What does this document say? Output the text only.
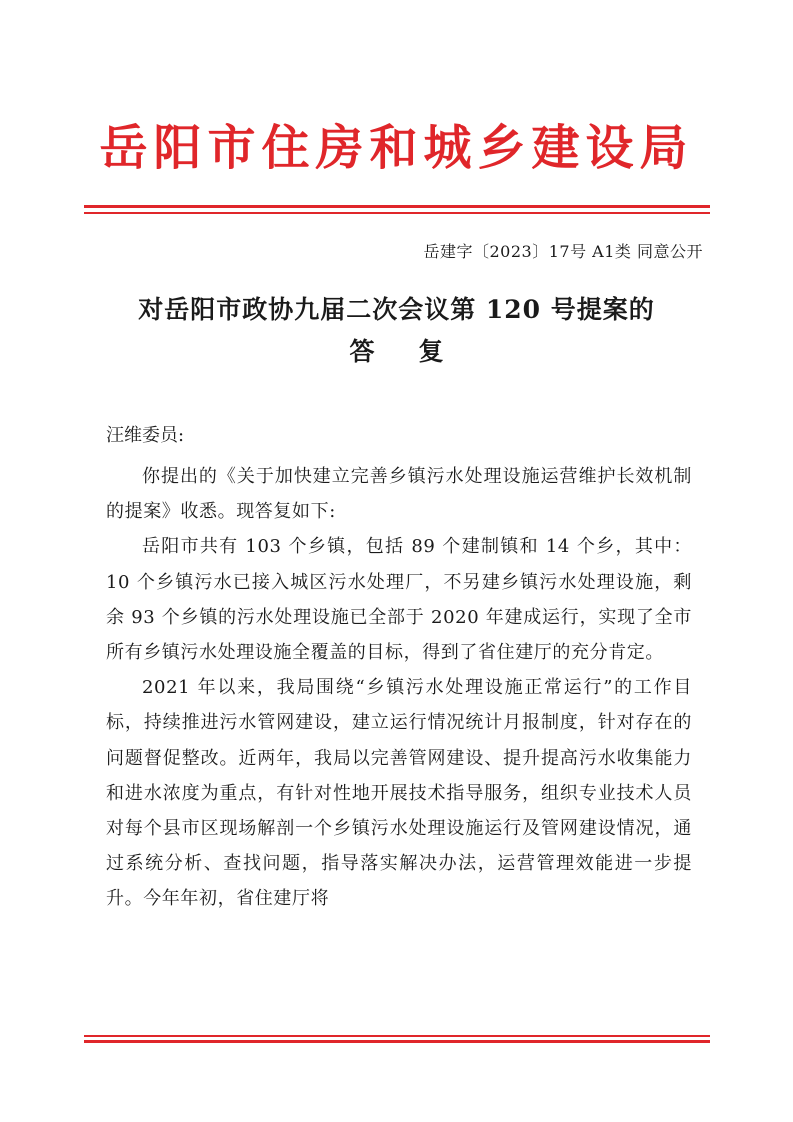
岳阳市住房和城乡建设局
岳建字〔2023〕17号 A1类 同意公开
对岳阳市政协九届二次会议第 120 号提案的
答复
汪维委员:

你提出的《关于加快建立完善乡镇污水处理设施运营维护长效机制的提案》收悉。现答复如下:

岳阳市共有 103 个乡镇，包括 89 个建制镇和 14 个乡，其中：10 个乡镇污水已接入城区污水处理厂，不另建乡镇污水处理设施，剩余 93 个乡镇的污水处理设施已全部于 2020 年建成运行，实现了全市所有乡镇污水处理设施全覆盖的目标，得到了省住建厅的充分肯定。

2021 年以来，我局围绕“乡镇污水处理设施正常运行”的工作目标，持续推进污水管网建设，建立运行情况统计月报制度，针对存在的问题督促整改。近两年，我局以完善管网建设、提升提高污水收集能力和进水浓度为重点，有针对性地开展技术指导服务，组织专业技术人员对每个县市区现场解剖一个乡镇污水处理设施运行及管网建设情况，通过系统分析、查找问题，指导落实解决办法，运营管理效能进一步提升。今年年初，省住建厅将
